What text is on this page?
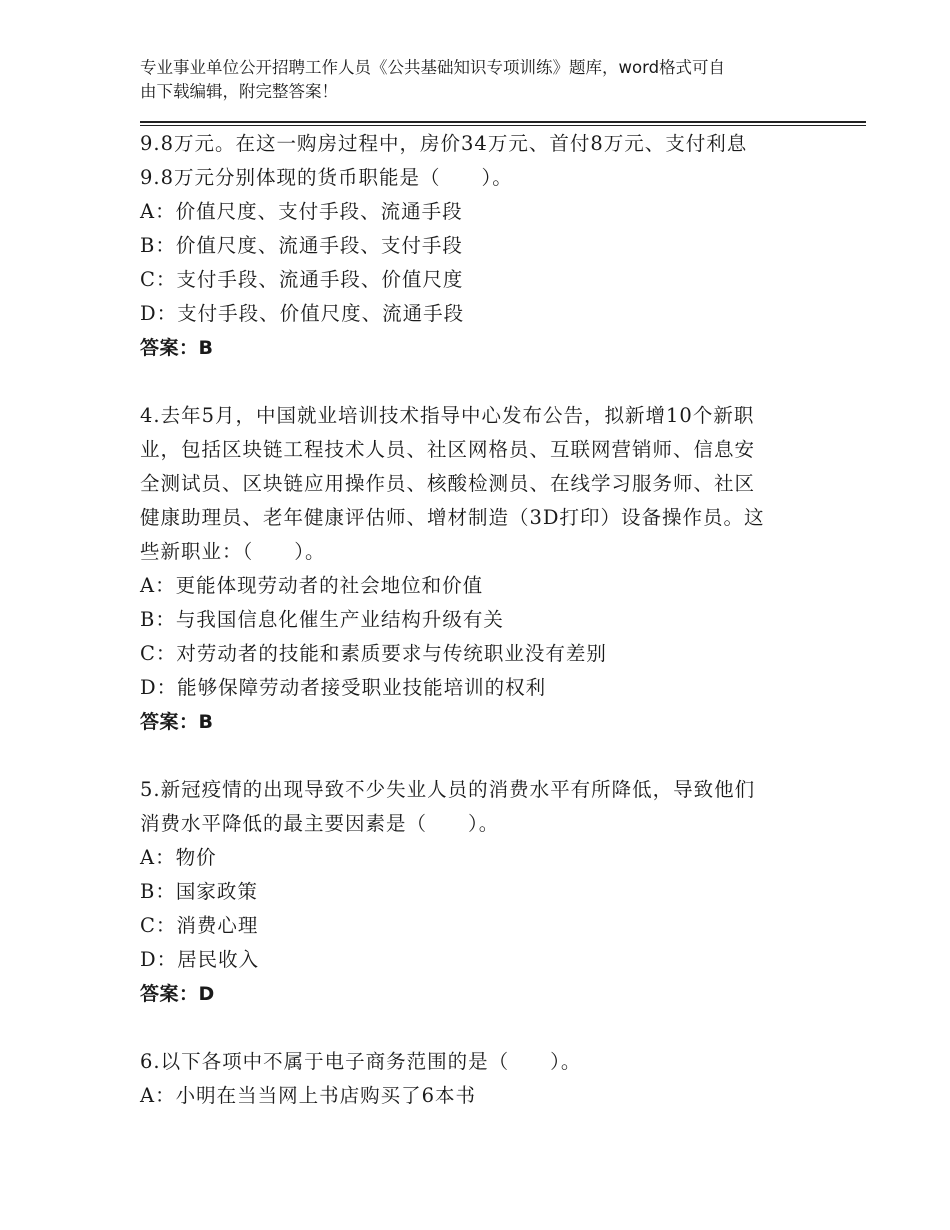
专业事业单位公开招聘工作人员《公共基础知识专项训练》题库，word格式可自
由下载编辑，附完整答案！
9.8万元。在这一购房过程中，房价34万元、首付8万元、支付利息
9.8万元分别体现的货币职能是（　　）。
A：价值尺度、支付手段、流通手段
B：价值尺度、流通手段、支付手段
C：支付手段、流通手段、价值尺度
D：支付手段、价值尺度、流通手段
答案：B
4.去年5月，中国就业培训技术指导中心发布公告，拟新增10个新职
业，包括区块链工程技术人员、社区网格员、互联网营销师、信息安
全测试员、区块链应用操作员、核酸检测员、在线学习服务师、社区
健康助理员、老年健康评估师、增材制造（3D打印）设备操作员。这
些新职业：（　　）。
A：更能体现劳动者的社会地位和价值
B：与我国信息化催生产业结构升级有关
C：对劳动者的技能和素质要求与传统职业没有差别
D：能够保障劳动者接受职业技能培训的权利
答案：B
5.新冠疫情的出现导致不少失业人员的消费水平有所降低，导致他们
消费水平降低的最主要因素是（　　）。
A：物价
B：国家政策
C：消费心理
D：居民收入
答案：D
6.以下各项中不属于电子商务范围的是（　　）。
A：小明在当当网上书店购买了6本书
